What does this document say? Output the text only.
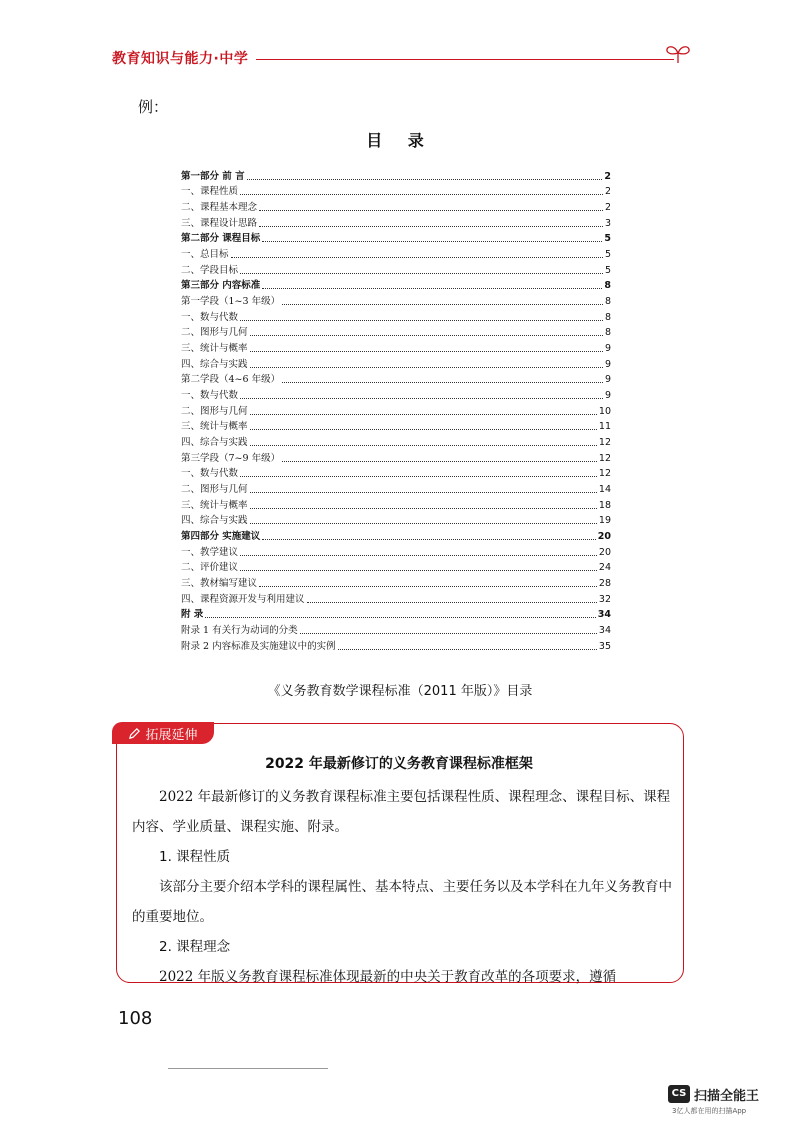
教育知识与能力·中学
例：
目 录
第一部分 前 言	2
一、课程性质	2
二、课程基本理念	2
三、课程设计思路	3
第二部分 课程目标	5
一、总目标	5
二、学段目标	5
第三部分 内容标准	8
第一学段（1~3 年级）	8
一、数与代数	8
二、图形与几何	8
三、统计与概率	9
四、综合与实践	9
第二学段（4~6 年级）	9
一、数与代数	9
二、图形与几何	10
三、统计与概率	11
四、综合与实践	12
第三学段（7~9 年级）	12
一、数与代数	12
二、图形与几何	14
三、统计与概率	18
四、综合与实践	19
第四部分 实施建议	20
一、教学建议	20
二、评价建议	24
三、教材编写建议	28
四、课程资源开发与利用建议	32
附 录	34
附录 1 有关行为动词的分类	34
附录 2 内容标准及实施建议中的实例	35
《义务教育数学课程标准（2011 年版）》目录
拓展延伸
2022 年最新修订的义务教育课程标准框架

2022 年最新修订的义务教育课程标准主要包括课程性质、课程理念、课程目标、课程内容、学业质量、课程实施、附录。

1. 课程性质

该部分主要介绍本学科的课程属性、基本特点、主要任务以及本学科在九年义务教育中的重要地位。

2. 课程理念

2022 年版义务教育课程标准体现最新的中央关于教育改革的各项要求，遵循

108
CS 扫描全能王
3亿人都在用的扫描App
